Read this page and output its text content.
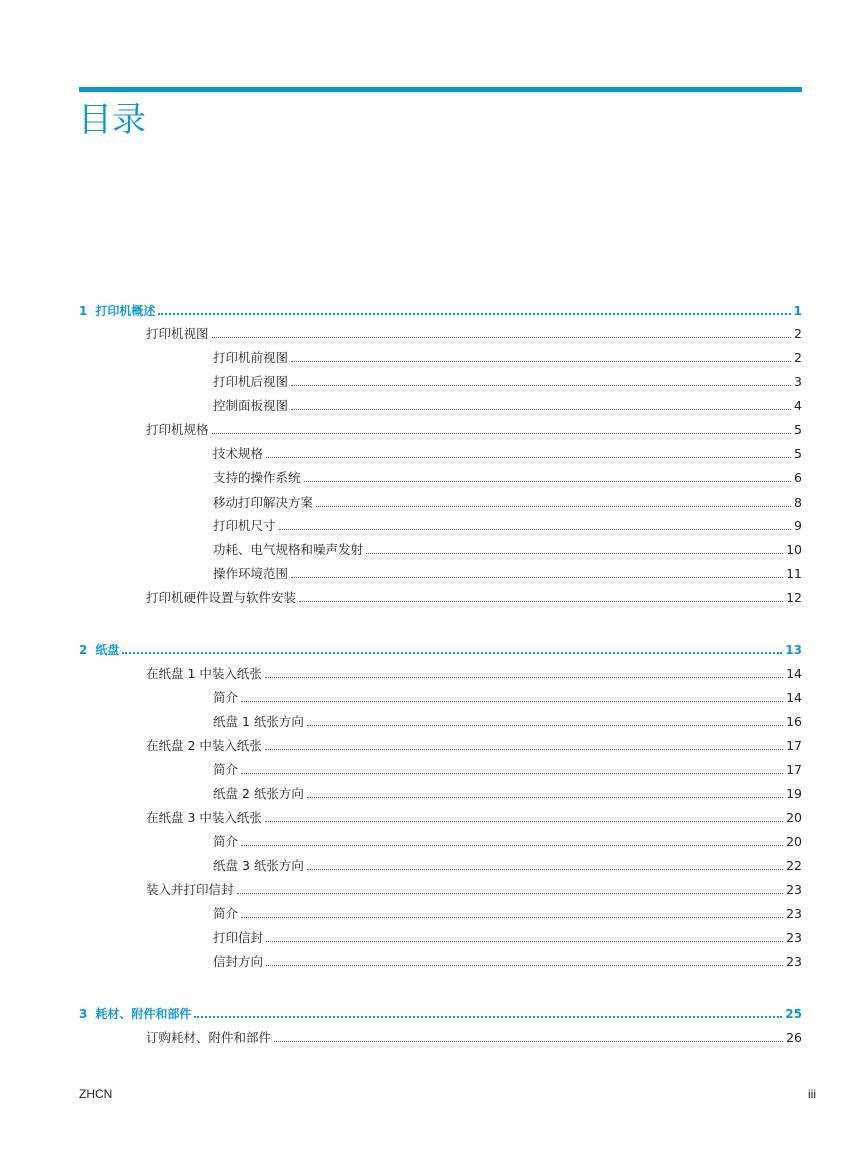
目录
1 打印机概述	1
打印机视图	2
打印机前视图	2
打印机后视图	3
控制面板视图	4
打印机规格	5
技术规格	5
支持的操作系统	6
移动打印解决方案	8
打印机尺寸	9
功耗、电气规格和噪声发射	10
操作环境范围	11
打印机硬件设置与软件安装	12
2 纸盘	13
在纸盘 1 中装入纸张	14
简介	14
纸盘 1 纸张方向	16
在纸盘 2 中装入纸张	17
简介	17
纸盘 2 纸张方向	19
在纸盘 3 中装入纸张	20
简介	20
纸盘 3 纸张方向	22
装入并打印信封	23
简介	23
打印信封	23
信封方向	23
3 耗材、附件和部件	25
订购耗材、附件和部件	26
ZHCN	iii
